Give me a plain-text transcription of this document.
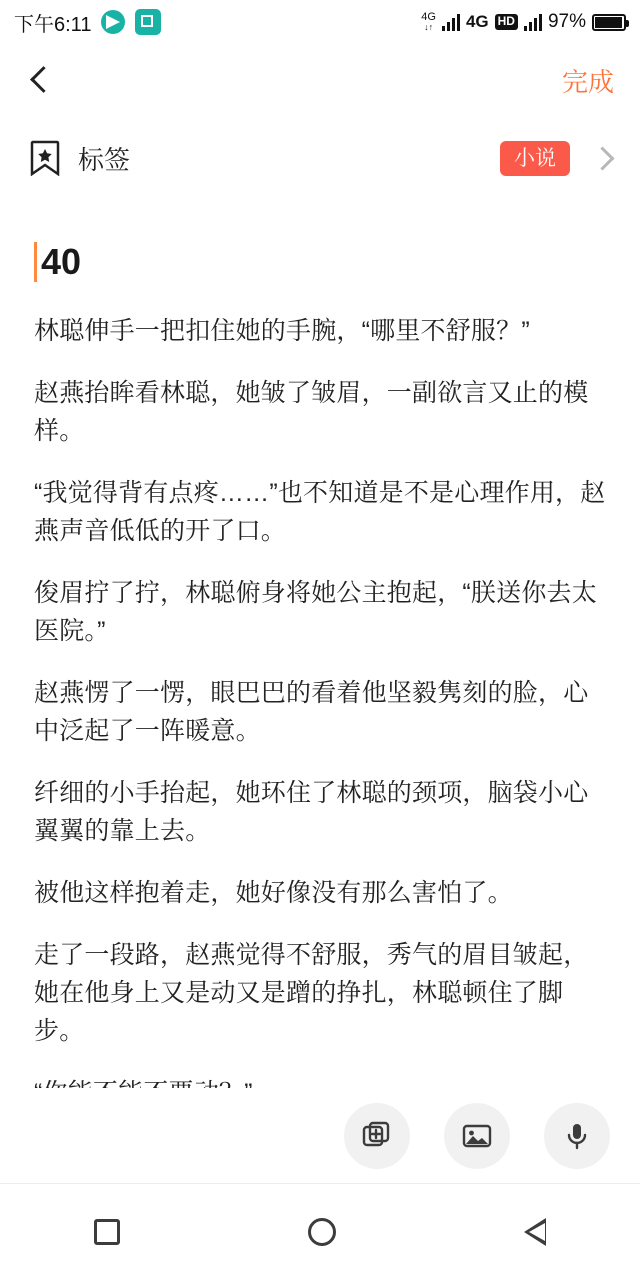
下午6:11	4G
↓↑ 4G HD 97%
完成
标签	小说
40

林聪伸手一把扣住她的手腕，“哪里不舒服？”

赵燕抬眸看林聪，她皱了皱眉，一副欲言又止的模样。

“我觉得背有点疼……”也不知道是不是心理作用，赵燕声音低低的开了口。

俊眉拧了拧，林聪俯身将她公主抱起，“朕送你去太医院。”

赵燕愣了一愣，眼巴巴的看着他坚毅隽刻的脸，心中泛起了一阵暖意。

纤细的小手抬起，她环住了林聪的颈项，脑袋小心翼翼的靠上去。

被他这样抱着走，她好像没有那么害怕了。

走了一段路，赵燕觉得不舒服，秀气的眉目皱起，她在他身上又是动又是蹭的挣扎，林聪顿住了脚步。
